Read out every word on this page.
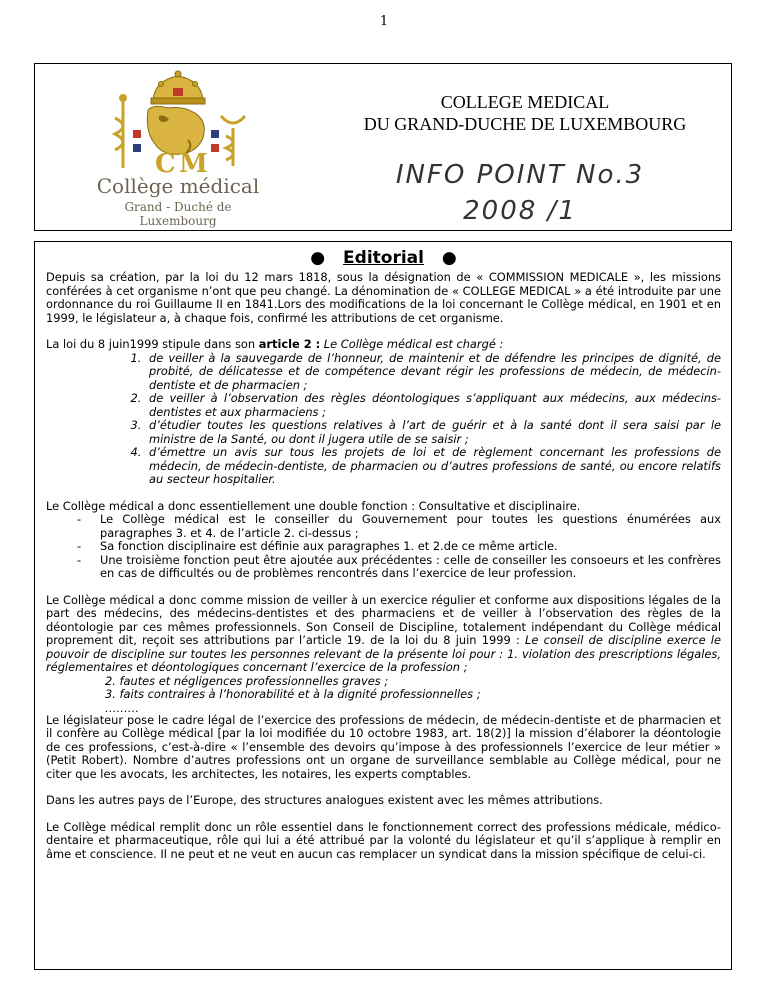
1
C M
Collège médical
Grand - Duché de
Luxembourg
COLLEGE MEDICAL
DU GRAND-DUCHE DE LUXEMBOURG
INFO POINT No.3
2008 /1
● Editorial ●

Depuis sa création, par la loi du 12 mars 1818, sous la désignation de « COMMISSION MEDICALE », les missions conférées à cet organisme n’ont que peu changé. La dénomination de « COLLEGE MEDICAL » a été introduite par une ordonnance du roi Guillaume II en 1841.Lors des modifications de la loi concernant le Collège médical, en 1901 et en 1999, le législateur a, à chaque fois, confirmé les attributions de cet organisme.

La loi du 8 juin1999 stipule dans son article 2 : Le Collège médical est chargé :

1. de veiller à la sauvegarde de l’honneur, de maintenir et de défendre les principes de dignité, de probité, de délicatesse et de compétence devant régir les professions de médecin, de médecin-dentiste et de pharmacien ;
2. de veiller à l’observation des règles déontologiques s’appliquant aux médecins, aux médecins-dentistes et aux pharmaciens ;
3. d’étudier toutes les questions relatives à l’art de guérir et à la santé dont il sera saisi par le ministre de la Santé, ou dont il jugera utile de se saisir ;
4. d’émettre un avis sur tous les projets de loi et de règlement concernant les professions de médecin, de médecin-dentiste, de pharmacien ou d’autres professions de santé, ou encore relatifs au secteur hospitalier.

Le Collège médical a donc essentiellement une double fonction : Consultative et disciplinaire.

- Le Collège médical est le conseiller du Gouvernement pour toutes les questions énumérées aux paragraphes 3. et 4. de l’article 2. ci-dessus ;
- Sa fonction disciplinaire est définie aux paragraphes 1. et 2.de ce même article.
- Une troisième fonction peut être ajoutée aux précédentes : celle de conseiller les consoeurs et les confrères en cas de difficultés ou de problèmes rencontrés dans l’exercice de leur profession.

Le Collège médical a donc comme mission de veiller à un exercice régulier et conforme aux dispositions légales de la part des médecins, des médecins-dentistes et des pharmaciens et de veiller à l’observation des règles de la déontologie par ces mêmes professionnels. Son Conseil de Discipline, totalement indépendant du Collège médical proprement dit, reçoit ses attributions par l’article 19. de la loi du 8 juin 1999 : Le conseil de discipline exerce le pouvoir de discipline sur toutes les personnes relevant de la présente loi pour : 1. violation des prescriptions légales, réglementaires et déontologiques concernant l’exercice de la profession ;

2. fautes et négligences professionnelles graves ;
3. faits contraires à l’honorabilité et à la dignité professionnelles ;
………

Le législateur pose le cadre légal de l’exercice des professions de médecin, de médecin-dentiste et de pharmacien et il confère au Collège médical [par la loi modifiée du 10 octobre 1983, art. 18(2)] la mission d’élaborer la déontologie de ces professions, c’est-à-dire « l’ensemble des devoirs qu’impose à des professionnels l’exercice de leur métier » (Petit Robert). Nombre d’autres professions ont un organe de surveillance semblable au Collège médical, pour ne citer que les avocats, les architectes, les notaires, les experts comptables.

Dans les autres pays de l’Europe, des structures analogues existent avec les mêmes attributions.

Le Collège médical remplit donc un rôle essentiel dans le fonctionnement correct des professions médicale, médico-dentaire et pharmaceutique, rôle qui lui a été attribué par la volonté du législateur et qu’il s’applique à remplir en âme et conscience. Il ne peut et ne veut en aucun cas remplacer un syndicat dans la mission spécifique de celui-ci.
